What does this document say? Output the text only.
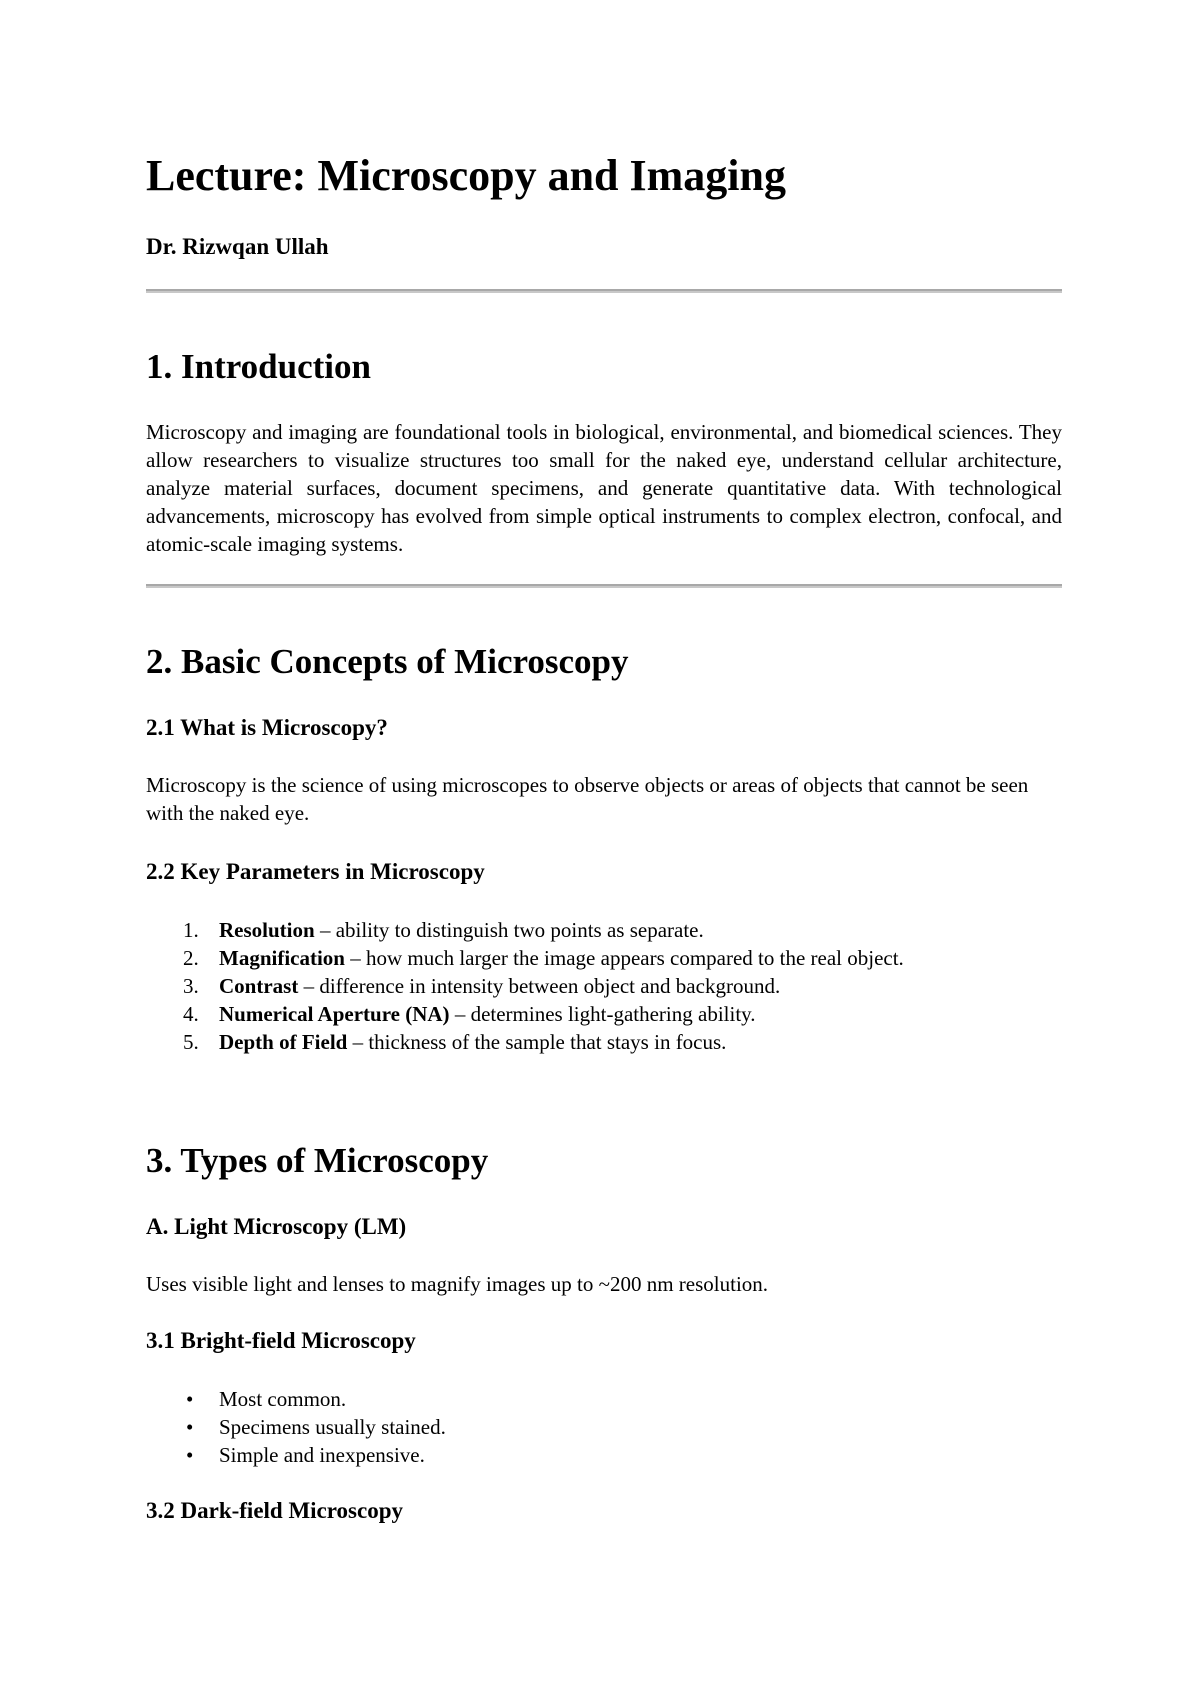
Lecture: Microscopy and Imaging

Dr. Rizwqan Ullah

1. Introduction

Microscopy and imaging are foundational tools in biological, environmental, and biomedical sciences. They allow researchers to visualize structures too small for the naked eye, understand cellular architecture, analyze material surfaces, document specimens, and generate quantitative data. With technological advancements, microscopy has evolved from simple optical instruments to complex electron, confocal, and atomic-scale imaging systems.

2. Basic Concepts of Microscopy
2.1 What is Microscopy?

Microscopy is the science of using microscopes to observe objects or areas of objects that cannot be seen with the naked eye.

2.2 Key Parameters in Microscopy
1. Resolution – ability to distinguish two points as separate.
2. Magnification – how much larger the image appears compared to the real object.
3. Contrast – difference in intensity between object and background.
4. Numerical Aperture (NA) – determines light-gathering ability.
5. Depth of Field – thickness of the sample that stays in focus.
3. Types of Microscopy
A. Light Microscopy (LM)

Uses visible light and lenses to magnify images up to ~200 nm resolution.

3.1 Bright-field Microscopy
• Most common.
• Specimens usually stained.
• Simple and inexpensive.
3.2 Dark-field Microscopy
